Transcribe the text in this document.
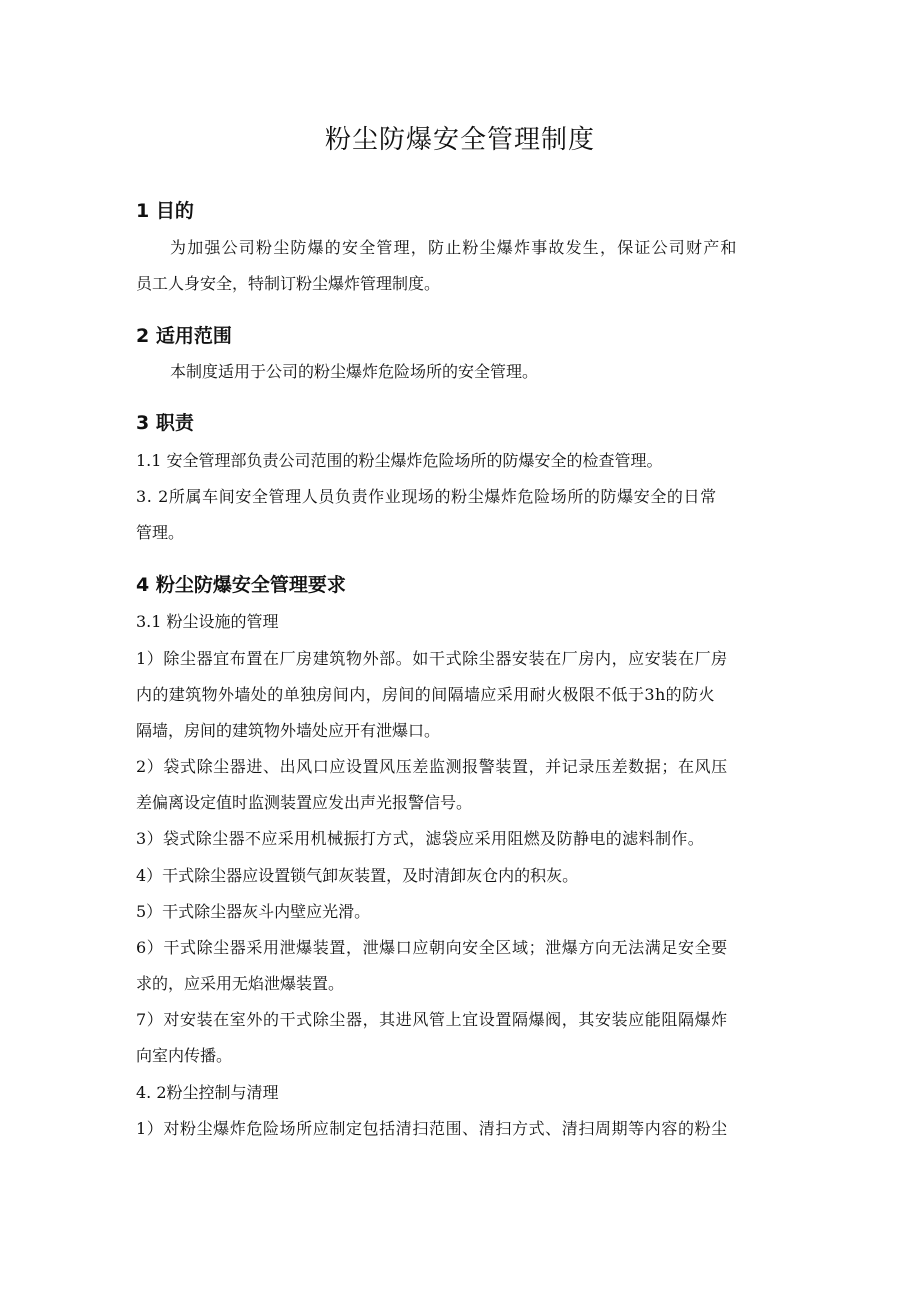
粉尘防爆安全管理制度
1 目的
为加强公司粉尘防爆的安全管理，防止粉尘爆炸事故发生，保证公司财产和
员工人身安全，特制订粉尘爆炸管理制度。
2 适用范围
本制度适用于公司的粉尘爆炸危险场所的安全管理。
3 职责
1.1 安全管理部负责公司范围的粉尘爆炸危险场所的防爆安全的检查管理。
3. 2所属车间安全管理人员负责作业现场的粉尘爆炸危险场所的防爆安全的日常
管理。
4 粉尘防爆安全管理要求
3.1 粉尘设施的管理
1）除尘器宜布置在厂房建筑物外部。如干式除尘器安装在厂房内，应安装在厂房
内的建筑物外墙处的单独房间内，房间的间隔墙应采用耐火极限不低于3h的防火
隔墙，房间的建筑物外墙处应开有泄爆口。
2）袋式除尘器进、出风口应设置风压差监测报警装置，并记录压差数据；在风压
差偏离设定值时监测装置应发出声光报警信号。
3）袋式除尘器不应采用机械振打方式，滤袋应采用阻燃及防静电的滤料制作。
4）干式除尘器应设置锁气卸灰装置，及时清卸灰仓内的积灰。
5）干式除尘器灰斗内壁应光滑。
6）干式除尘器采用泄爆装置，泄爆口应朝向安全区域；泄爆方向无法满足安全要
求的，应采用无焰泄爆装置。
7）对安装在室外的干式除尘器，其进风管上宜设置隔爆阀，其安装应能阻隔爆炸
向室内传播。
4. 2粉尘控制与清理
1）对粉尘爆炸危险场所应制定包括清扫范围、清扫方式、清扫周期等内容的粉尘
